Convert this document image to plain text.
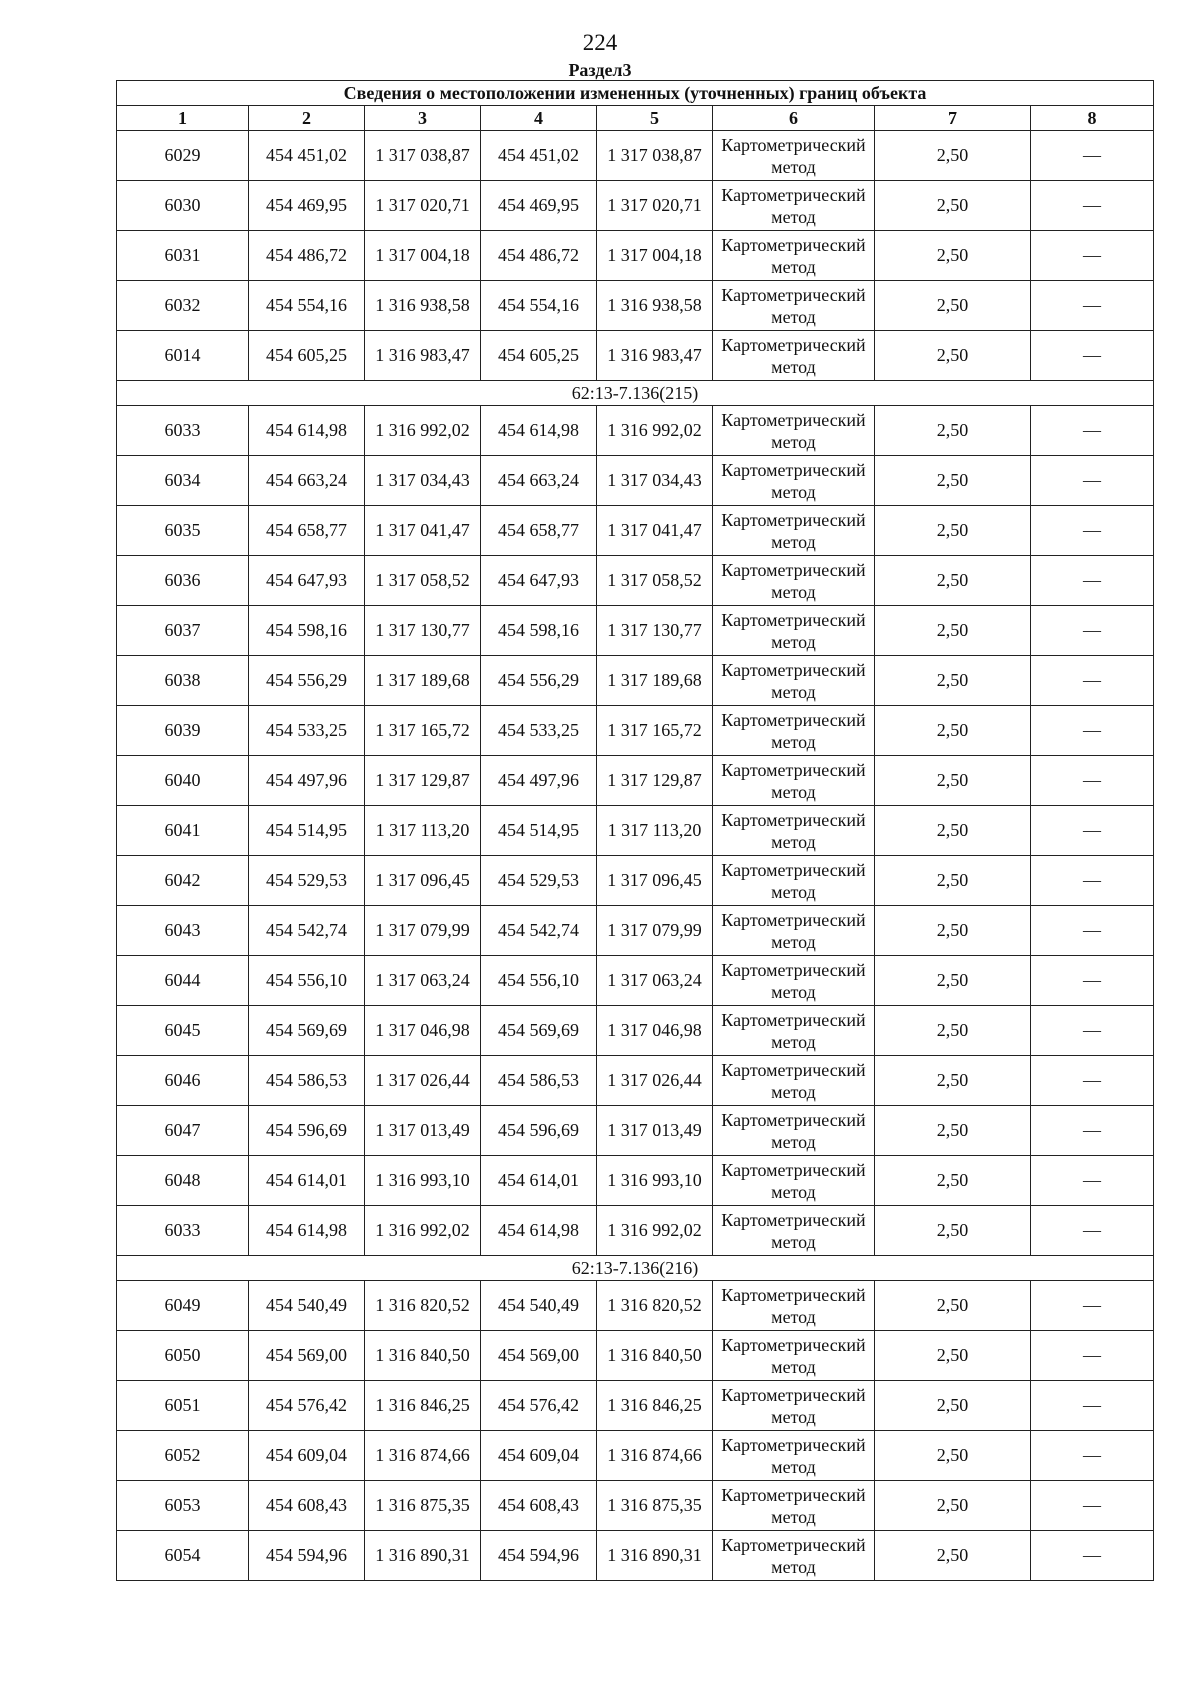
224
Раздел3
Сведения о местоположении измененных (уточненных) границ объекта							
1	2	3	4	5	6	7	8
6029	454 451,02	1 317 038,87	454 451,02	1 317 038,87	Картометрический метод	2,50	—
6030	454 469,95	1 317 020,71	454 469,95	1 317 020,71	Картометрический метод	2,50	—
6031	454 486,72	1 317 004,18	454 486,72	1 317 004,18	Картометрический метод	2,50	—
6032	454 554,16	1 316 938,58	454 554,16	1 316 938,58	Картометрический метод	2,50	—
6014	454 605,25	1 316 983,47	454 605,25	1 316 983,47	Картометрический метод	2,50	—
62:13-7.136(215)							
6033	454 614,98	1 316 992,02	454 614,98	1 316 992,02	Картометрический метод	2,50	—
6034	454 663,24	1 317 034,43	454 663,24	1 317 034,43	Картометрический метод	2,50	—
6035	454 658,77	1 317 041,47	454 658,77	1 317 041,47	Картометрический метод	2,50	—
6036	454 647,93	1 317 058,52	454 647,93	1 317 058,52	Картометрический метод	2,50	—
6037	454 598,16	1 317 130,77	454 598,16	1 317 130,77	Картометрический метод	2,50	—
6038	454 556,29	1 317 189,68	454 556,29	1 317 189,68	Картометрический метод	2,50	—
6039	454 533,25	1 317 165,72	454 533,25	1 317 165,72	Картометрический метод	2,50	—
6040	454 497,96	1 317 129,87	454 497,96	1 317 129,87	Картометрический метод	2,50	—
6041	454 514,95	1 317 113,20	454 514,95	1 317 113,20	Картометрический метод	2,50	—
6042	454 529,53	1 317 096,45	454 529,53	1 317 096,45	Картометрический метод	2,50	—
6043	454 542,74	1 317 079,99	454 542,74	1 317 079,99	Картометрический метод	2,50	—
6044	454 556,10	1 317 063,24	454 556,10	1 317 063,24	Картометрический метод	2,50	—
6045	454 569,69	1 317 046,98	454 569,69	1 317 046,98	Картометрический метод	2,50	—
6046	454 586,53	1 317 026,44	454 586,53	1 317 026,44	Картометрический метод	2,50	—
6047	454 596,69	1 317 013,49	454 596,69	1 317 013,49	Картометрический метод	2,50	—
6048	454 614,01	1 316 993,10	454 614,01	1 316 993,10	Картометрический метод	2,50	—
6033	454 614,98	1 316 992,02	454 614,98	1 316 992,02	Картометрический метод	2,50	—
62:13-7.136(216)							
6049	454 540,49	1 316 820,52	454 540,49	1 316 820,52	Картометрический метод	2,50	—
6050	454 569,00	1 316 840,50	454 569,00	1 316 840,50	Картометрический метод	2,50	—
6051	454 576,42	1 316 846,25	454 576,42	1 316 846,25	Картометрический метод	2,50	—
6052	454 609,04	1 316 874,66	454 609,04	1 316 874,66	Картометрический метод	2,50	—
6053	454 608,43	1 316 875,35	454 608,43	1 316 875,35	Картометрический метод	2,50	—
6054	454 594,96	1 316 890,31	454 594,96	1 316 890,31	Картометрический метод	2,50	—
